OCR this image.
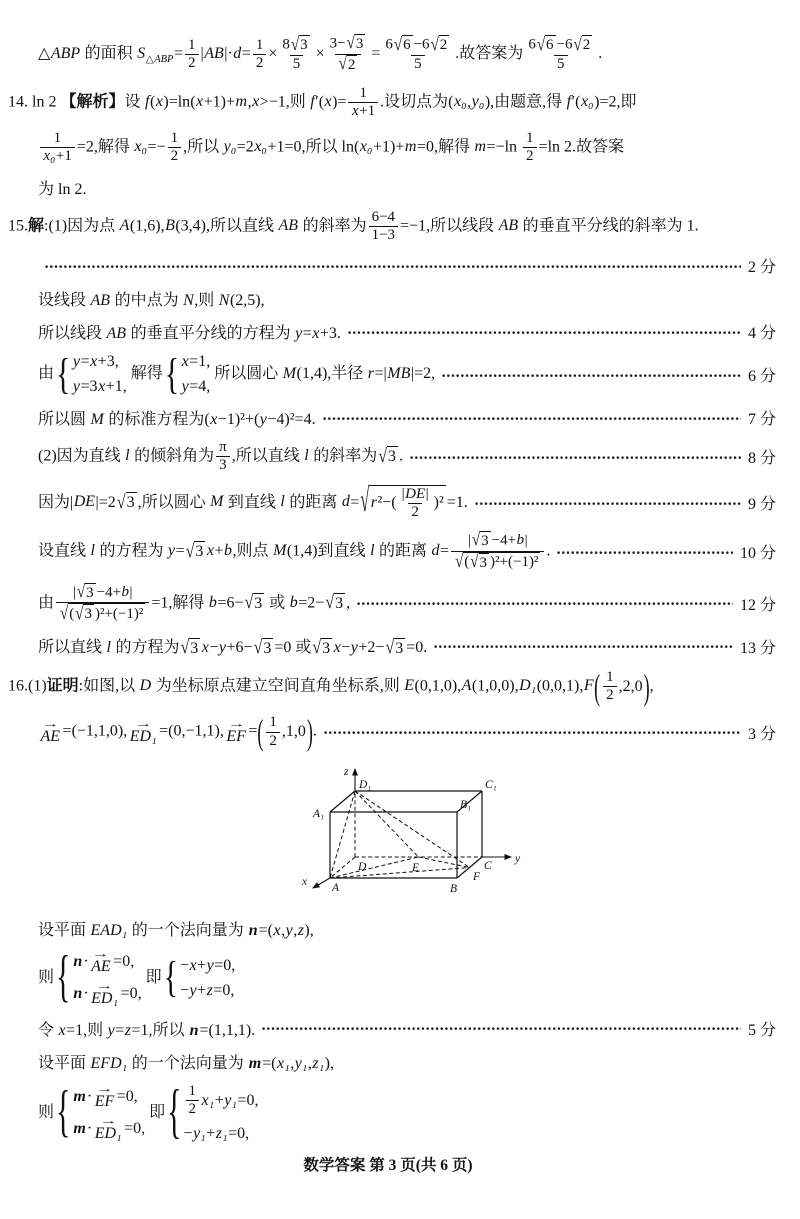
△ABP 的面积 $S_{\triangle ABP}= \frac{1}{2} |AB|\cdot d= \frac{1}{2} \times \frac{8 √ 3}{5} \times \frac{3- √ 3}{√ 2} = \frac{6 √ 6 -6 √ 2}{5}$ .故答案为 $\frac{6 √ 6 -6 √ 2}{5}$ .
14. ln 2 【解析】设 f(x)=ln(x+1)+m,x>−1,则 $f'(x)= \frac{1}{x+1}$ .设切点为(x₀,y₀),由题意,得 f′(x₀)=2,即
$\frac{1}{\text{x₀+1}} =2$,解得 $x_0=- \frac{1}{2}$ ,所以 y₀=2x₀+1=0,所以 ln(x₀+1)+m=0,解得 $m=-\ln \frac{1}{2} =\ln$ 2.故答案
为 ln 2.
15.解:(1)因为点 A(1,6),B(3,4),所以直线 AB 的斜率为 $\frac{6-4}{1-3} =-1$,所以线段 AB 的垂直平分线的斜率为 1.
2 分
设线段 AB 的中点为 N,则 N(2,5),
所以线段 AB 的垂直平分线的方程为 y=x+3.	4 分
由 { y=x+3,
y=3x+1,
解得 { x=1,
y=4,
所以圆心 M(1,4),半径 r=|MB|=2,	6 分
所以圆 M 的标准方程为(x−1)²+(y−4)²=4.	7 分
(2)因为直线 l 的倾斜角为 $\frac{\pi}{3}$ ,所以直线 l 的斜率为 √ 3 .	8 分
因为|DE|=2 √ 3 ,所以圆心 M 到直线 l 的距离 d= √ $r^2-( \frac{|DE|}{2} )^2 =1$.	9 分
设直线 l 的方程为 y= √ 3 x+b,则点 M(1,4)到直线 l 的距离 $d= \frac{| √ 3 -4+b|}{\text{√ ( √ 3 )²+(−1)²}}$ .	10 分
由 $\frac{| √ 3 -4+b|}{\text{√ ( √ 3 )²+(−1)²}} =1$,解得 b=6− √ 3 或 b=2− √ 3 ,	12 分
所以直线 l 的方程为 √ 3 x−y+6− √ 3 =0 或 √ 3 x−y+2− √ 3 =0.	13 分
16.(1)证明:如图,以 D 为坐标原点建立空间直角坐标系,则 E(0,1,0),A(1,0,0),D₁(0,0,1),F ( $\frac{1}{2} ,2,0$ ) ,
→
AE =(−1,1,0), →
ED₁ =(0,−1,1), →
EF = ( $\frac{1}{2} ,1,0$ ) .	3 分
z
D₁	C₁
A₁
B₁
D	E	C
y
F
x A	B
设平面 EAD₁ 的一个法向量为 n=(x,y,z),
则 { n · →
AE =0,
n · →
ED₁ =0,
即 { −x+y=0,
−y+z=0,
令 x=1,则 y=z=1,所以 n=(1,1,1).	5 分
设平面 EFD₁ 的一个法向量为 m=(x₁,y₁,z₁),
则 { m · →
EF =0,
m · →
ED₁ =0,
即 { $\frac{1}{2} x_1+y_1=0$,
−y₁+z₁=0,
数学答案 第 3 页(共 6 页)
